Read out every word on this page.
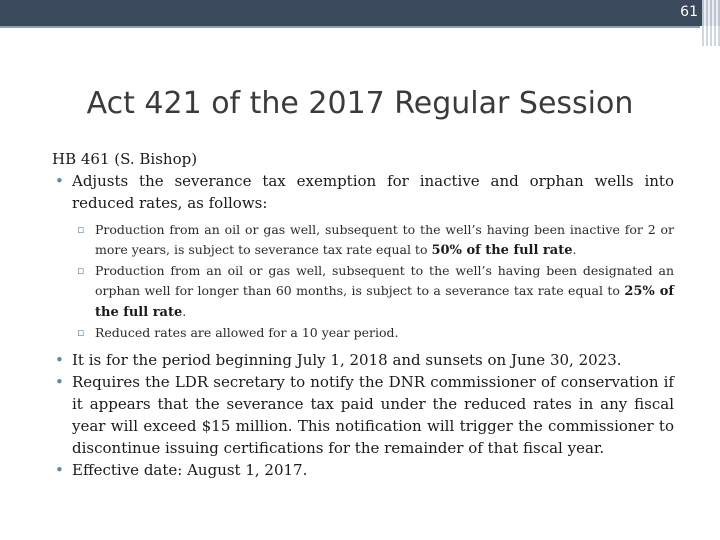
61
Act 421 of the 2017 Regular Session

HB 461 (S. Bishop)

• Adjusts the severance tax exemption for inactive and orphan wells into reduced rates, as follows:
▫ Production from an oil or gas well, subsequent to the well’s having been inactive for 2 or more years, is subject to severance tax rate equal to 50% of the full rate.
▫ Production from an oil or gas well, subsequent to the well’s having been designated an orphan well for longer than 60 months, is subject to a severance tax rate equal to 25% of the full rate.
▫ Reduced rates are allowed for a 10 year period.
• It is for the period beginning July 1, 2018 and sunsets on June 30, 2023.
• Requires the LDR secretary to notify the DNR commissioner of conservation if it appears that the severance tax paid under the reduced rates in any fiscal year will exceed $15 million. This notification will trigger the commissioner to discontinue issuing certifications for the remainder of that fiscal year.
• Effective date: August 1, 2017.
